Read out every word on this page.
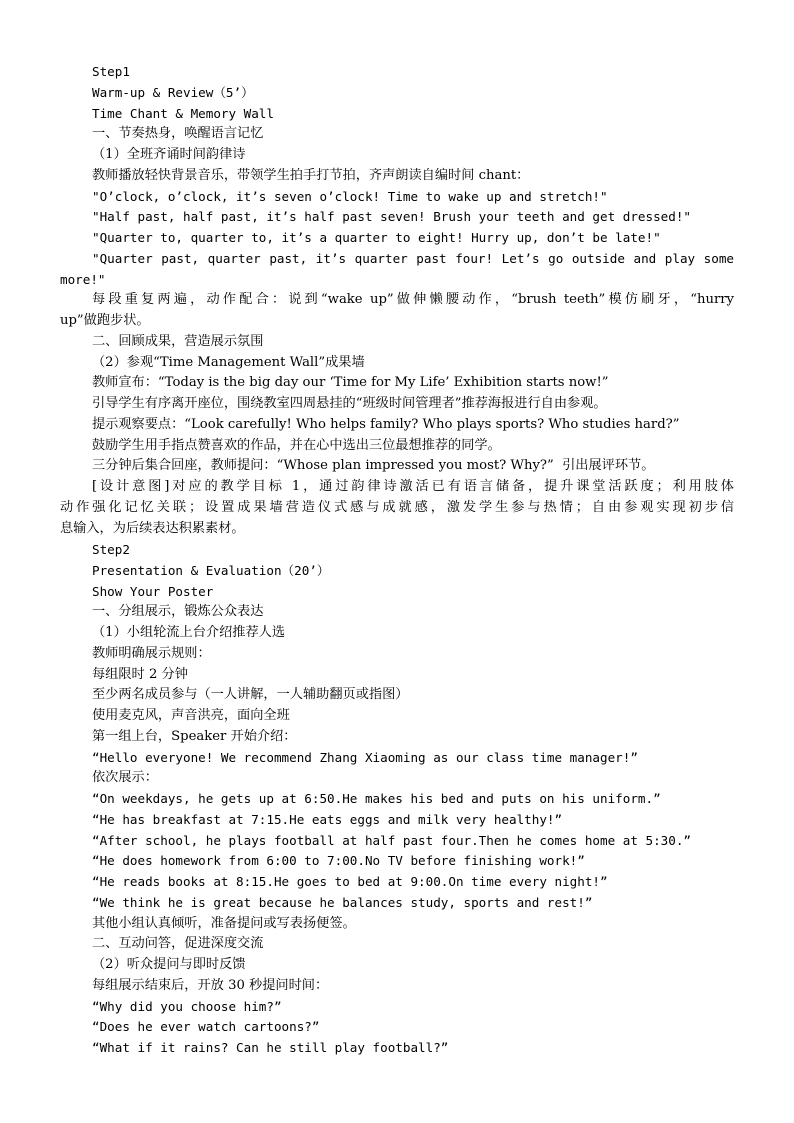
Step1
Warm-up & Review（5’）
Time Chant & Memory Wall
一、节奏热身，唤醒语言记忆
（1）全班齐诵时间韵律诗
教师播放轻快背景音乐，带领学生拍手打节拍，齐声朗读自编时间 chant：
"O’clock, o’clock, it’s seven o’clock! Time to wake up and stretch!"
"Half past, half past, it’s half past seven! Brush your teeth and get dressed!"
"Quarter to, quarter to, it’s a quarter to eight! Hurry up, don’t be late!"
"Quarter past, quarter past, it’s quarter past four! Let’s go outside and play some
more!"
每段重复两遍，动作配合：说到“wake up”做伸懒腰动作，“brush teeth”模仿刷牙，“hurry
up”做跑步状。
二、回顾成果，营造展示氛围
（2）参观“Time Management Wall”成果墙
教师宣布：“Today is the big day our ‘Time for My Life’ Exhibition starts now!”
引导学生有序离开座位，围绕教室四周悬挂的“班级时间管理者”推荐海报进行自由参观。
提示观察要点：“Look carefully! Who helps family? Who plays sports? Who studies hard?”
鼓励学生用手指点赞喜欢的作品，并在心中选出三位最想推荐的同学。
三分钟后集合回座，教师提问：“Whose plan impressed you most? Why?”  引出展评环节。
[设计意图]对应的教学目标 1，通过韵律诗激活已有语言储备，提升课堂活跃度；利用肢体
动作强化记忆关联；设置成果墙营造仪式感与成就感，激发学生参与热情；自由参观实现初步信
息输入，为后续表达积累素材。
Step2
Presentation & Evaluation（20’）
Show Your Poster
一、分组展示，锻炼公众表达
（1）小组轮流上台介绍推荐人选
教师明确展示规则：
每组限时 2 分钟
至少两名成员参与（一人讲解，一人辅助翻页或指图）
使用麦克风，声音洪亮，面向全班
第一组上台，Speaker 开始介绍：
“Hello everyone! We recommend Zhang Xiaoming as our class time manager!”
依次展示：
“On weekdays, he gets up at 6:50.He makes his bed and puts on his uniform.”
“He has breakfast at 7:15.He eats eggs and milk very healthy!”
“After school, he plays football at half past four.Then he comes home at 5:30.”
“He does homework from 6:00 to 7:00.No TV before finishing work!”
“He reads books at 8:15.He goes to bed at 9:00.On time every night!”
“We think he is great because he balances study, sports and rest!”
其他小组认真倾听，准备提问或写表扬便签。
二、互动问答，促进深度交流
（2）听众提问与即时反馈
每组展示结束后，开放 30 秒提问时间：
“Why did you choose him?”
“Does he ever watch cartoons?”
“What if it rains? Can he still play football?”
